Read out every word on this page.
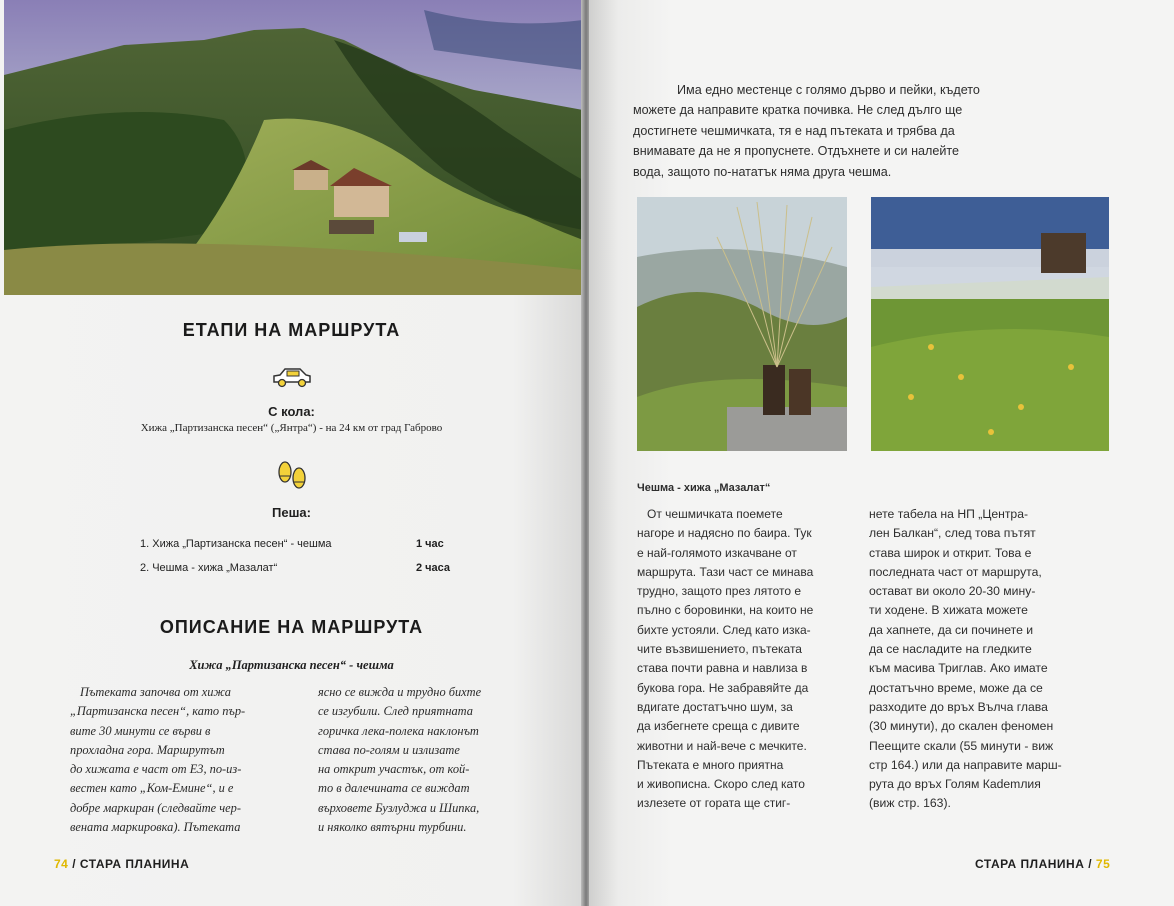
ЕТАПИ НА МАРШРУТА
С кола:
Хижа „Партизанска песен“ („Янтра“) - на 24 км от град Габрово
Пеша:
1. Хижа „Партизанска песен“ - чешма	1 час
2. Чешма - хижа „Мазалат“	2 часа
ОПИСАНИЕ НА МАРШРУТА
Хижа „Партизанска песен“ - чешма
Пътеката започва от хижа
„Партизанска песен“, като пър-
вите 30 минути се върви в
прохладна гора. Маршрутът
до хижата е част от Е3, по-из-
вестен като „Ком-Емине“, и е
добре маркиран (следвайте чер-
вената маркировка). Пътеката
ясно се вижда и трудно бихте
се изгубили. След приятната
горичка лека-полека наклонът
става по-голям и излизате
на открит участък, от кой-
то в далечината се виждат
върховете Бузлуджа и Шипка,
и няколко вятърни турбини.
74 / СТАРА ПЛАНИНА
Има едно местенце с голямо дърво и пейки, където
можете да направите кратка почивка. Не след дълго ще
достигнете чешмичката, тя е над пътеката и трябва да
внимавате да не я пропуснете. Отдъхнете и си налейте
вода, защото по-нататък няма друга чешма.
Чешма - хижа „Мазалат“
От чешмичката поемете
нагоре и надясно по баира. Тук
е най-голямото изкачване от
маршрута. Тази част се минава
трудно, защото през лятото е
пълно с боровинки, на които не
бихте устояли. След като изка-
чите възвишението, пътеката
става почти равна и навлиза в
букова гора. Не забравяйте да
вдигате достатъчно шум, за
да избегнете среща с дивите
животни и най-вече с мечките.
Пътеката е много приятна
и живописна. Скоро след като
излезете от гората ще стиг-
нете табела на НП „Центра-
лен Балкан“, след това пътят
става широк и открит. Това е
последната част от маршрута,
остават ви около 20-30 мину-
ти ходене. В хижата можете
да хапнете, да си починете и
да се насладите на гледките
към масива Триглав. Ако имате
достатъчно време, може да се
разходите до връх Вълча глава
(30 минути), до скален феномен
Пеещите скали (55 минути - виж
стр 164.) или да направите марш-
рута до връх Голям Кademлия
(виж стр. 163).
СТАРА ПЛАНИНА / 75
